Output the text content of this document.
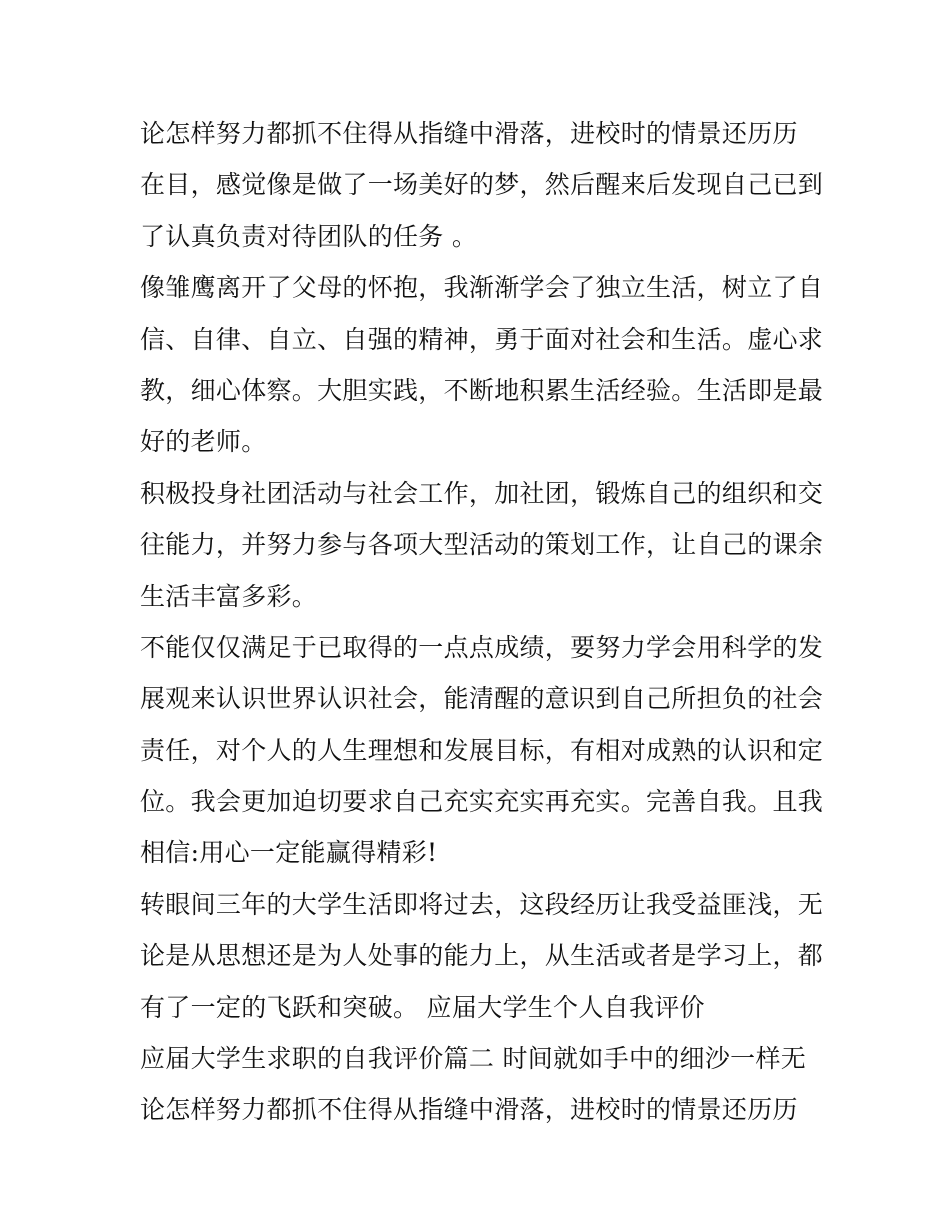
论怎样努力都抓不住得从指缝中滑落，进校时的情景还历历
在目，感觉像是做了一场美好的梦，然后醒来后发现自己已到
了认真负责对待团队的任务 。
像雏鹰离开了父母的怀抱，我渐渐学会了独立生活，树立了自
信、自律、自立、自强的精神，勇于面对社会和生活。虚心求
教，细心体察。大胆实践，不断地积累生活经验。生活即是最
好的老师。
积极投身社团活动与社会工作，加社团，锻炼自己的组织和交
往能力，并努力参与各项大型活动的策划工作，让自己的课余
生活丰富多彩。
不能仅仅满足于已取得的一点点成绩，要努力学会用科学的发
展观来认识世界认识社会，能清醒的意识到自己所担负的社会
责任，对个人的人生理想和发展目标，有相对成熟的认识和定
位。我会更加迫切要求自己充实充实再充实。完善自我。且我
相信:用心一定能赢得精彩!
转眼间三年的大学生活即将过去，这段经历让我受益匪浅，无
论是从思想还是为人处事的能力上，从生活或者是学习上，都
有了一定的飞跃和突破。 应届大学生个人自我评价
应届大学生求职的自我评价篇二 时间就如手中的细沙一样无
论怎样努力都抓不住得从指缝中滑落，进校时的情景还历历
